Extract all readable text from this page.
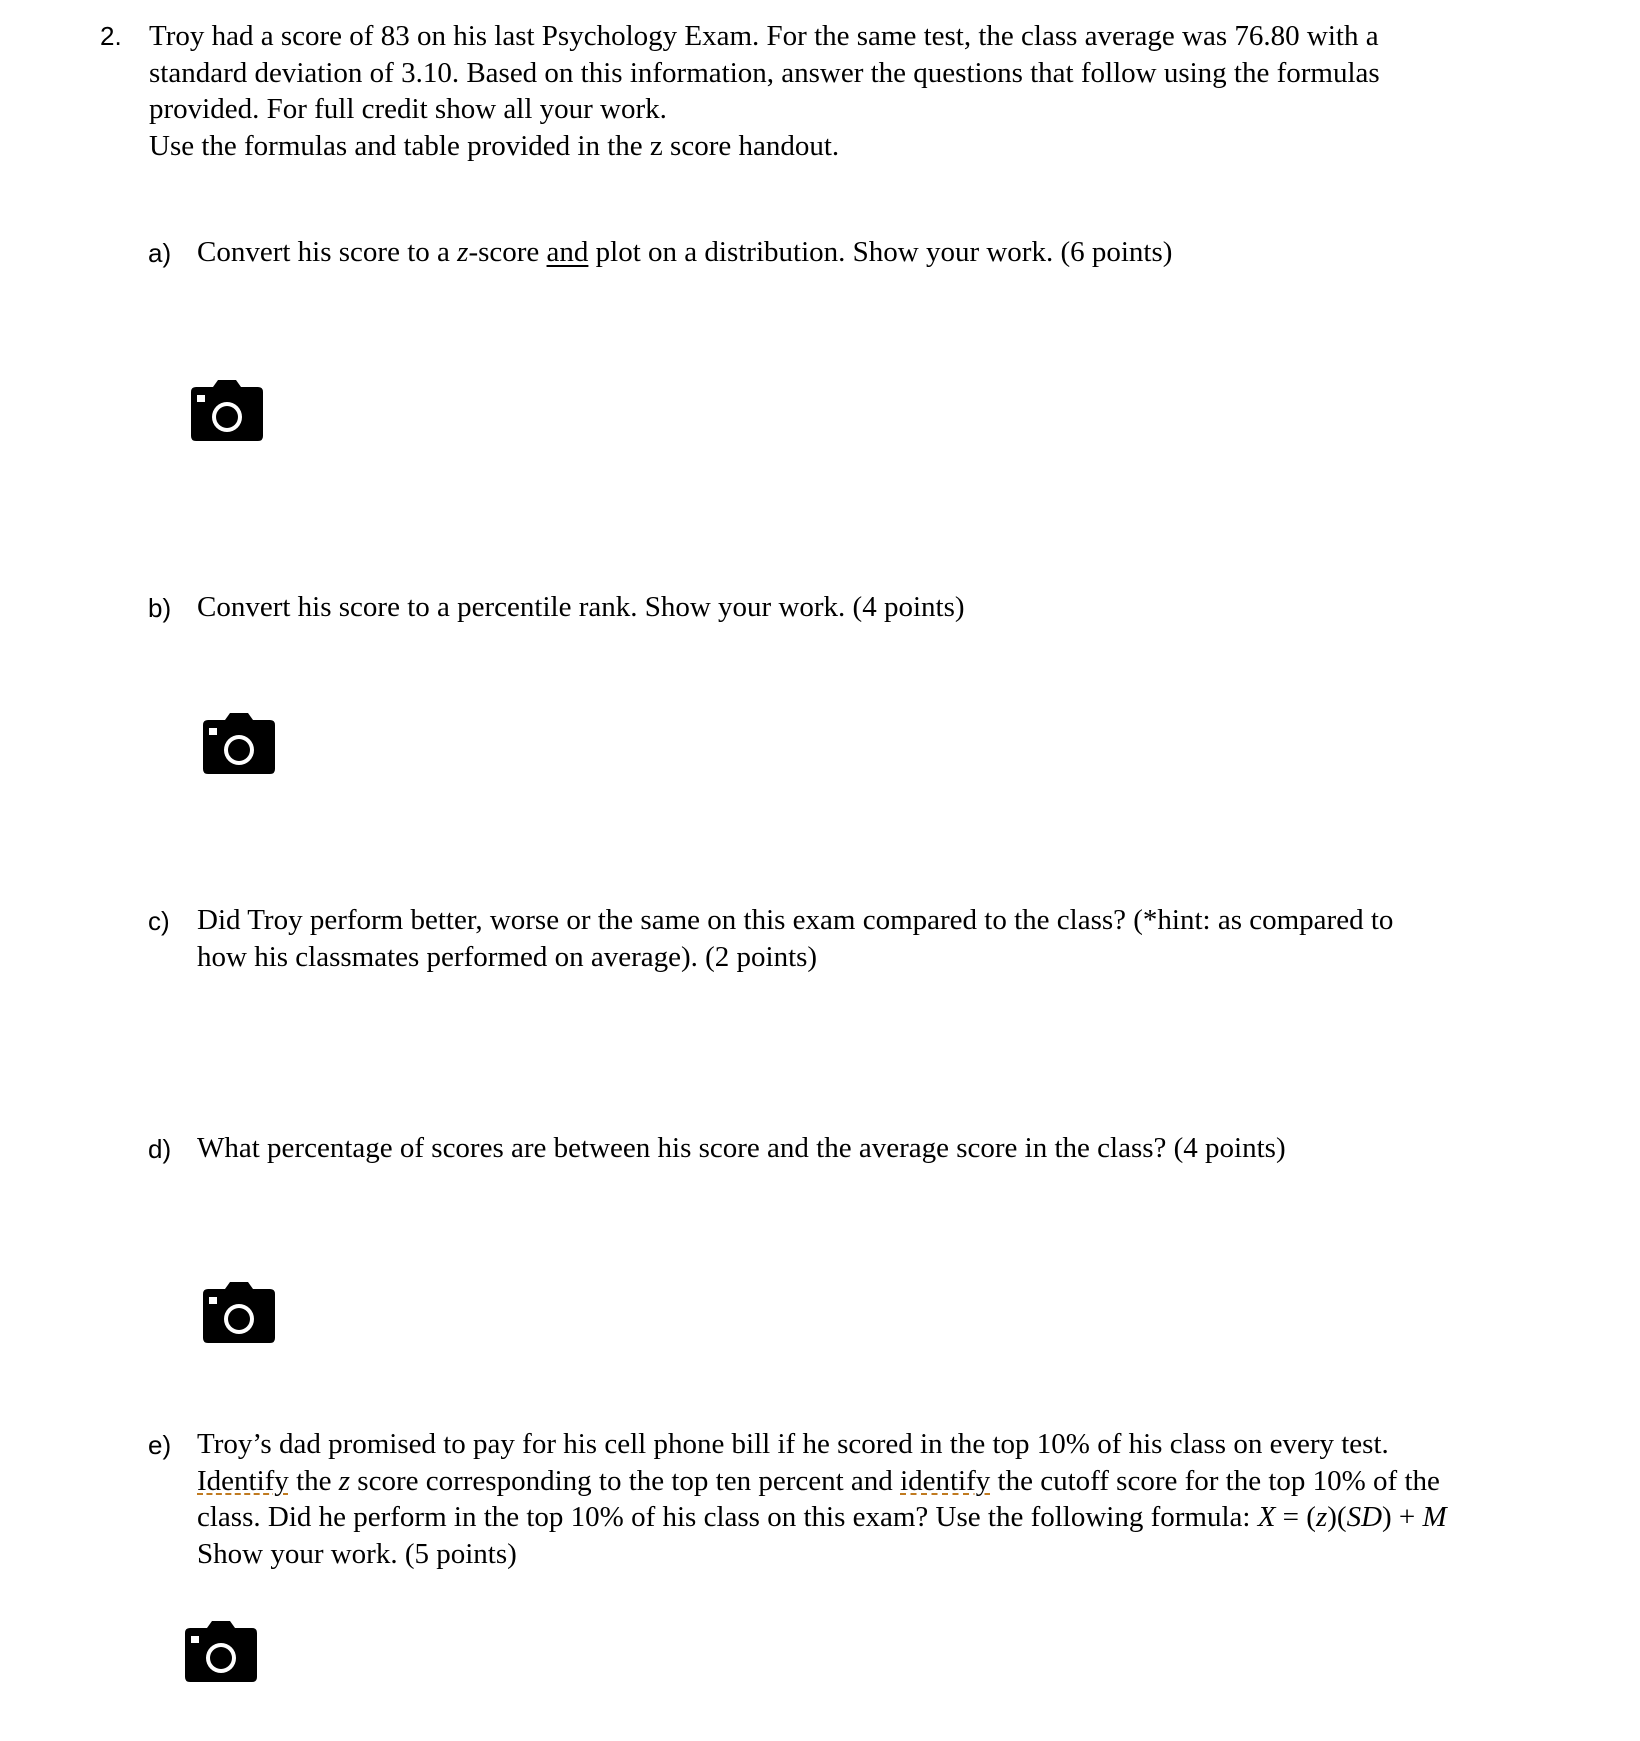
2. Troy had a score of 83 on his last Psychology Exam. For the same test, the class average was 76.80 with a
standard deviation of 3.10. Based on this information, answer the questions that follow using the formulas
provided. For full credit show all your work.
Use the formulas and table provided in the z score handout.
a) Convert his score to a z-score and plot on a distribution. Show your work. (6 points)
b) Convert his score to a percentile rank. Show your work. (4 points)
c) Did Troy perform better, worse or the same on this exam compared to the class? (*hint: as compared to
how his classmates performed on average). (2 points)
d) What percentage of scores are between his score and the average score in the class? (4 points)
e) Troy’s dad promised to pay for his cell phone bill if he scored in the top 10% of his class on every test.
Identify the z score corresponding to the top ten percent and identify the cutoff score for the top 10% of the
class. Did he perform in the top 10% of his class on this exam? Use the following formula: X = (z)(SD) + M
Show your work. (5 points)
